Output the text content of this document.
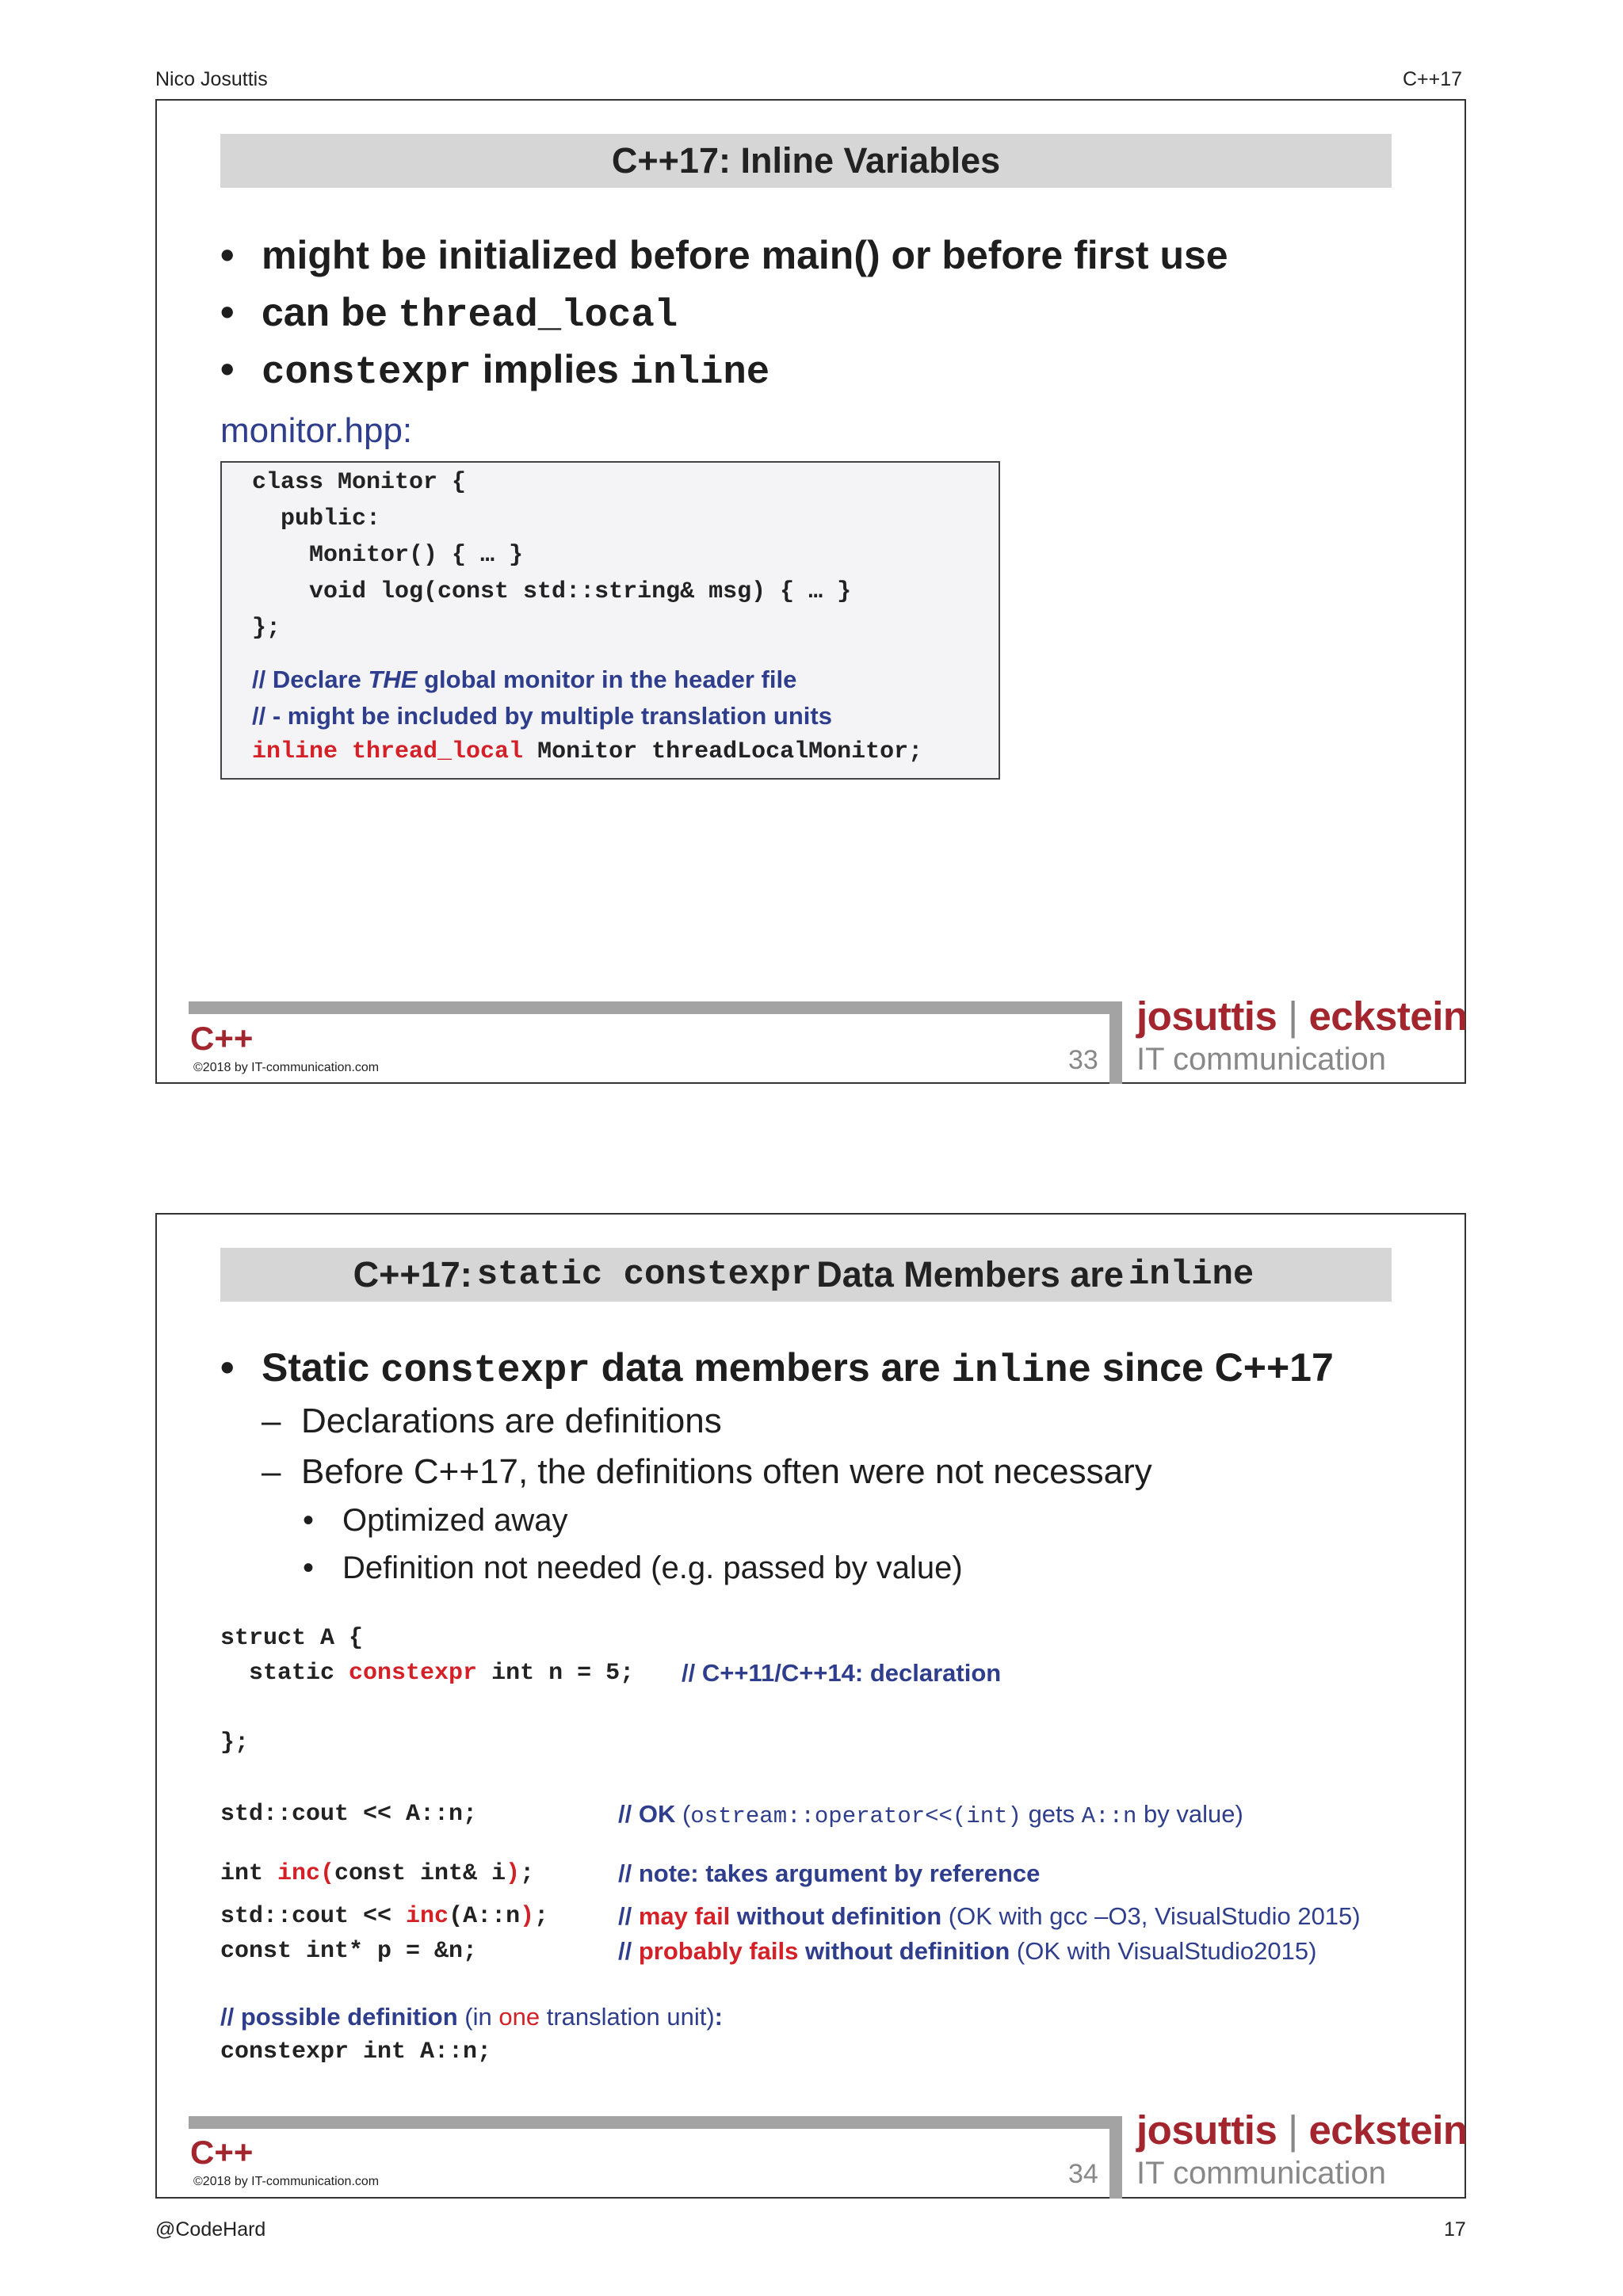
Nico Josuttis	C++17
C++17:
Inline Variables
• might be initialized before main() or before first use
• can be thread_local
• constexpr implies inline
monitor.hpp:
class Monitor {
public:
Monitor() { … }
void log(const std::string& msg) { … }
};
// Declare THE global monitor in the header file
// - might be included by multiple translation units
inline thread_local Monitor threadLocalMonitor;
C++
©2018 by IT-communication.com	33
josuttis | eckstein
IT communication
C++17: static constexpr Data Members are inline
• Static constexpr data members are inline since C++17
– Declarations are definitions
– Before C++17, the definitions often were not necessary
• Optimized away
• Definition not needed (e.g. passed by value)
struct A {
static constexpr int n = 5; // C++11/C++14: declaration
};
std::cout << A::n;	// OK (ostream::operator<<(int) gets A::n by value)
int inc(const int& i);	// note: takes argument by reference
std::cout << inc(A::n);	// may fail without definition (OK with gcc –O3, VisualStudio 2015)
const int* p = &n;	// probably fails without definition (OK with VisualStudio2015)
// possible definition (in one translation unit):
constexpr int A::n;
C++
©2018 by IT-communication.com	34
josuttis | eckstein
IT communication
@CodeHard	17
